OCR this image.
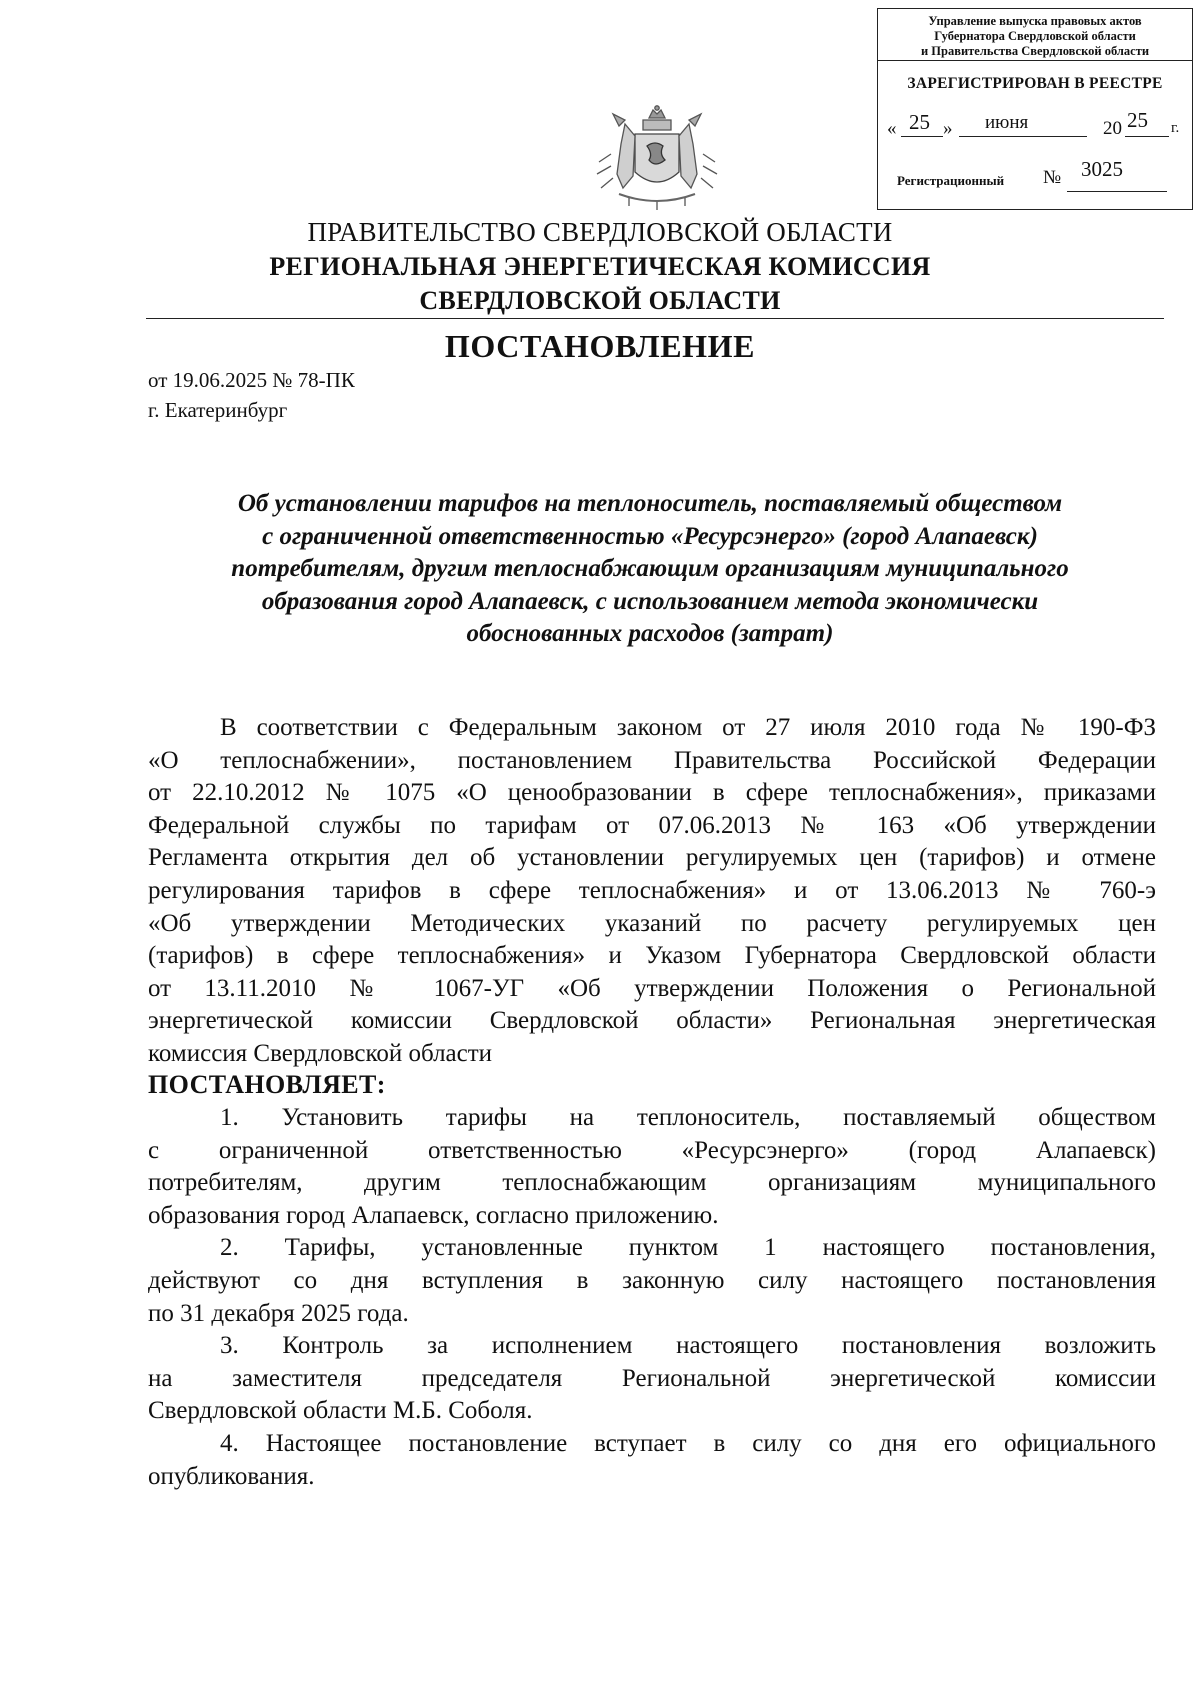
Управление выпуска правовых актов
Губернатора Свердловской области
и Правительства Свердловской области
ЗАРЕГИСТРИРОВАН В РЕЕСТРЕ
« 25 » июня	20 25 г.
Регистрационный № 3025
ПРАВИТЕЛЬСТВО СВЕРДЛОВСКОЙ ОБЛАСТИ
РЕГИОНАЛЬНАЯ ЭНЕРГЕТИЧЕСКАЯ КОМИССИЯ
СВЕРДЛОВСКОЙ ОБЛАСТИ
ПОСТАНОВЛЕНИЕ
от 19.06.2025 № 78-ПК
г. Екатеринбург
Об установлении тарифов на теплоноситель, поставляемый обществом
с ограниченной ответственностью «Ресурсэнерго» (город Алапаевск)
потребителям, другим теплоснабжающим организациям муниципального
образования город Алапаевск, с использованием метода экономически
обоснованных расходов (затрат)
В соответствии с Федеральным законом от 27 июля 2010 года № 190-ФЗ
«О теплоснабжении», постановлением Правительства Российской Федерации
от 22.10.2012 № 1075 «О ценообразовании в сфере теплоснабжения», приказами
Федеральной службы по тарифам от 07.06.2013 № 163 «Об утверждении
Регламента открытия дел об установлении регулируемых цен (тарифов) и отмене
регулирования тарифов в сфере теплоснабжения» и от 13.06.2013 № 760-э
«Об утверждении Методических указаний по расчету регулируемых цен
(тарифов) в сфере теплоснабжения» и Указом Губернатора Свердловской области
от 13.11.2010 № 1067-УГ «Об утверждении Положения о Региональной
энергетической комиссии Свердловской области» Региональная энергетическая
комиссия Свердловской области
ПОСТАНОВЛЯЕТ:
1. Установить тарифы на теплоноситель, поставляемый обществом
с ограниченной ответственностью «Ресурсэнерго» (город Алапаевск)
потребителям, другим теплоснабжающим организациям муниципального
образования город Алапаевск, согласно приложению.
2. Тарифы, установленные пунктом 1 настоящего постановления,
действуют со дня вступления в законную силу настоящего постановления
по 31 декабря 2025 года.
3. Контроль за исполнением настоящего постановления возложить
на заместителя председателя Региональной энергетической комиссии
Свердловской области М.Б. Соболя.
4. Настоящее постановление вступает в силу со дня его официального
опубликования.
